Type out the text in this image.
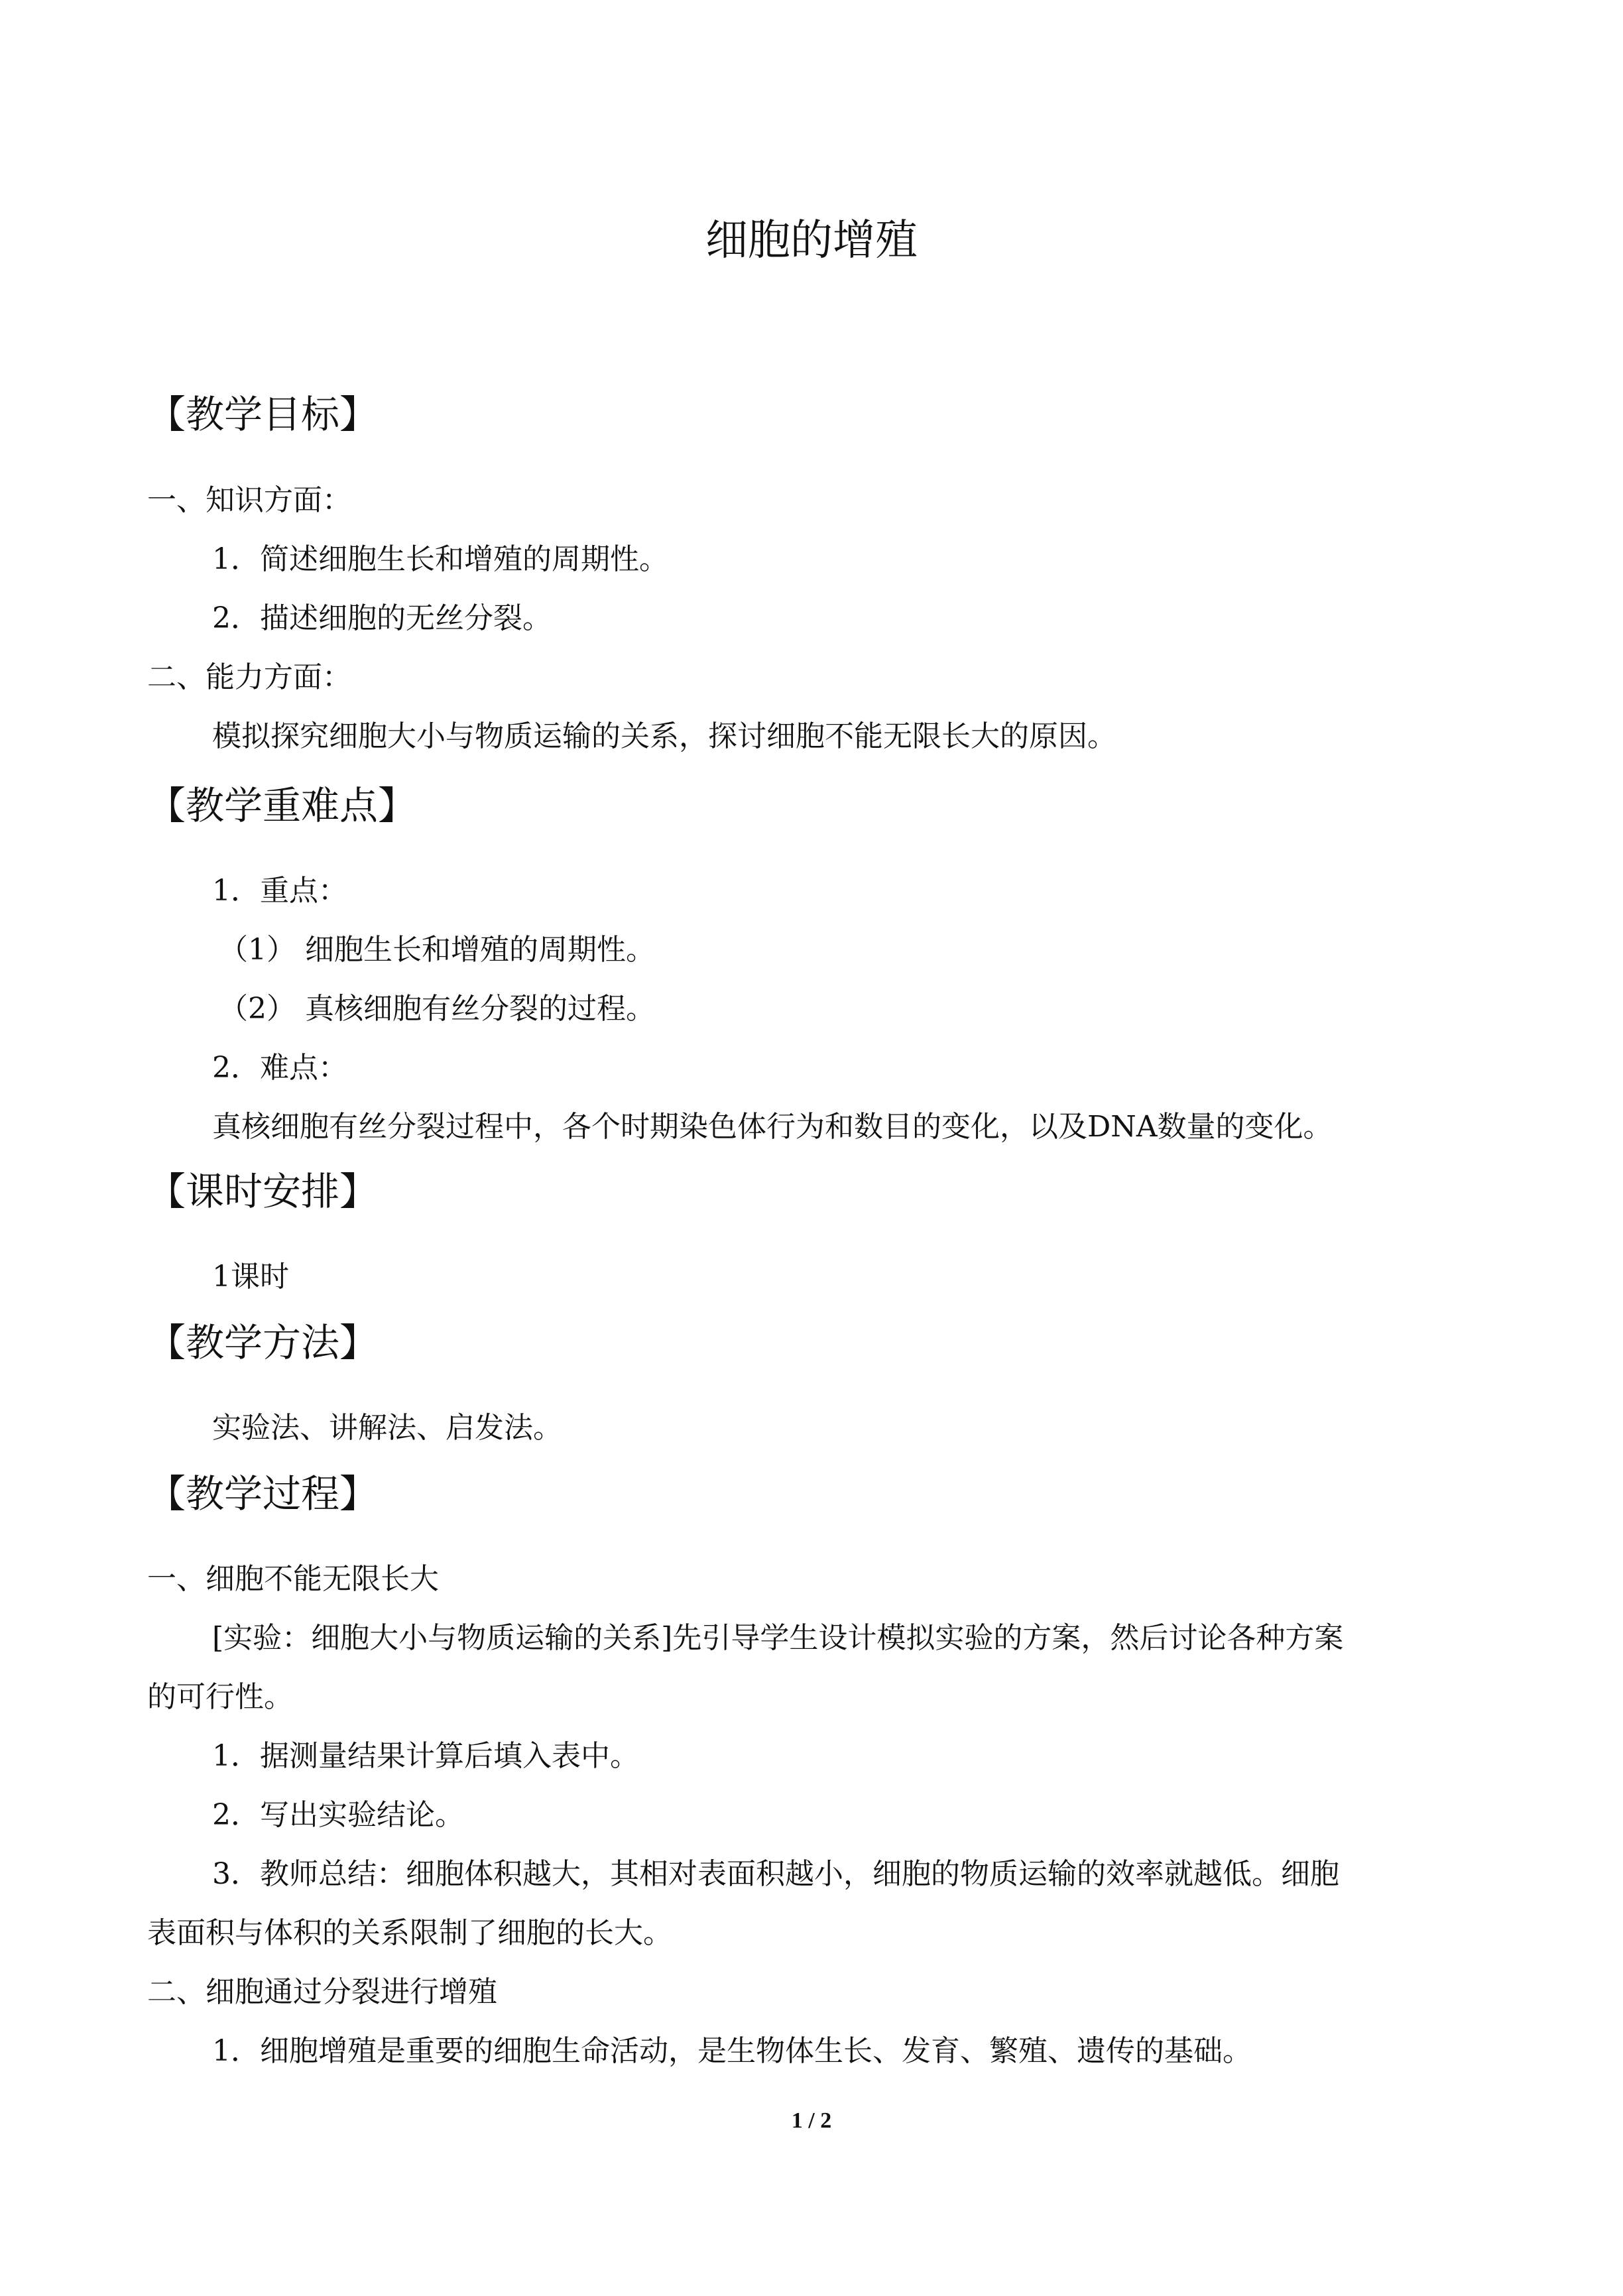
细胞的增殖
【教学目标】
一、知识方面：
1．简述细胞生长和增殖的周期性。
2．描述细胞的无丝分裂。
二、能力方面：
模拟探究细胞大小与物质运输的关系，探讨细胞不能无限长大的原因。
【教学重难点】
1．重点：
（1） 细胞生长和增殖的周期性。
（2） 真核细胞有丝分裂的过程。
2．难点：
真核细胞有丝分裂过程中，各个时期染色体行为和数目的变化，以及DNA数量的变化。
【课时安排】
1课时
【教学方法】
实验法、讲解法、启发法。
【教学过程】
一、细胞不能无限长大
[实验：细胞大小与物质运输的关系]先引导学生设计模拟实验的方案，然后讨论各种方案
的可行性。
1．据测量结果计算后填入表中。
2．写出实验结论。
3．教师总结：细胞体积越大，其相对表面积越小，细胞的物质运输的效率就越低。细胞
表面积与体积的关系限制了细胞的长大。
二、细胞通过分裂进行增殖
1．细胞增殖是重要的细胞生命活动，是生物体生长、发育、繁殖、遗传的基础。
1 / 2
